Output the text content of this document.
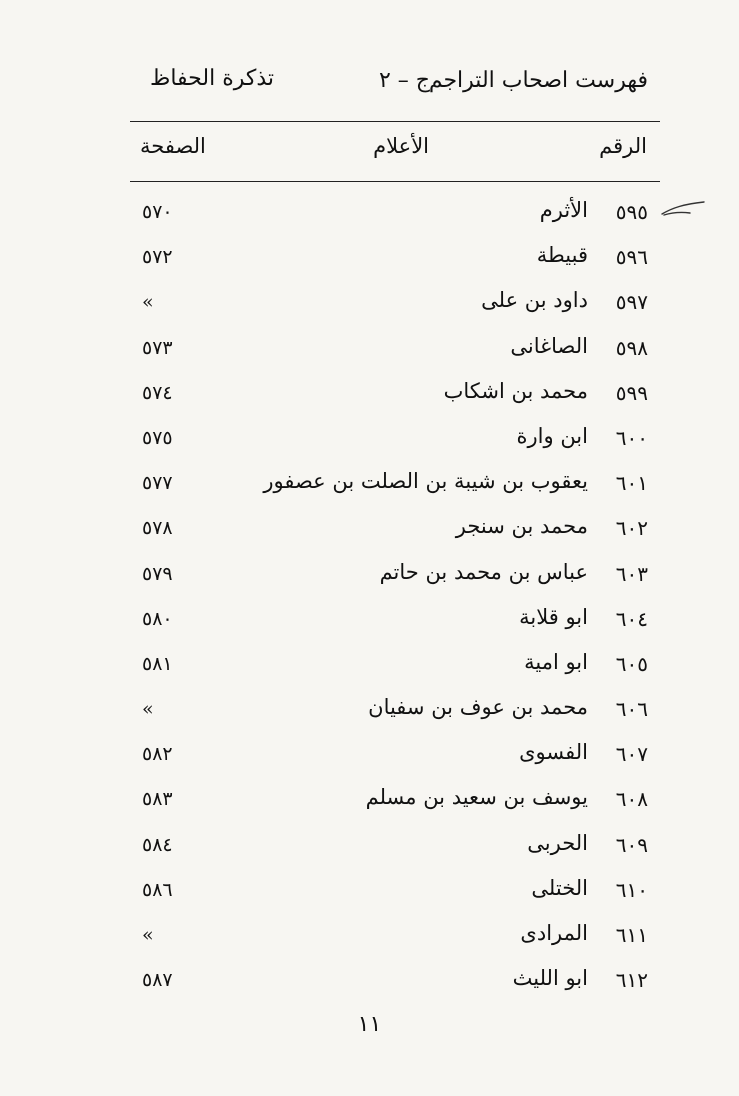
فهرست اصحاب التراجم
ج – ٢
تذكرة الحفاظ
الرقم
الأعلام
الصفحة
٥٩٥
الأثرم
٥٧٠
٥٩٦
قبيطة
٥٧٢
٥٩٧
داود بن على
»
٥٩٨
الصاغانى
٥٧٣
٥٩٩
محمد بن اشكاب
٥٧٤
٦٠٠
ابن وارة
٥٧٥
٦٠١
يعقوب بن شيبة بن الصلت بن عصفور
٥٧٧
٦٠٢
محمد بن سنجر
٥٧٨
٦٠٣
عباس بن محمد بن حاتم
٥٧٩
٦٠٤
ابو قلابة
٥٨٠
٦٠٥
ابو امية
٥٨١
٦٠٦
محمد بن عوف بن سفيان
»
٦٠٧
الفسوى
٥٨٢
٦٠٨
يوسف بن سعيد بن مسلم
٥٨٣
٦٠٩
الحربى
٥٨٤
٦١٠
الختلى
٥٨٦
٦١١
المرادى
»
٦١٢
ابو الليث
٥٨٧
١١
